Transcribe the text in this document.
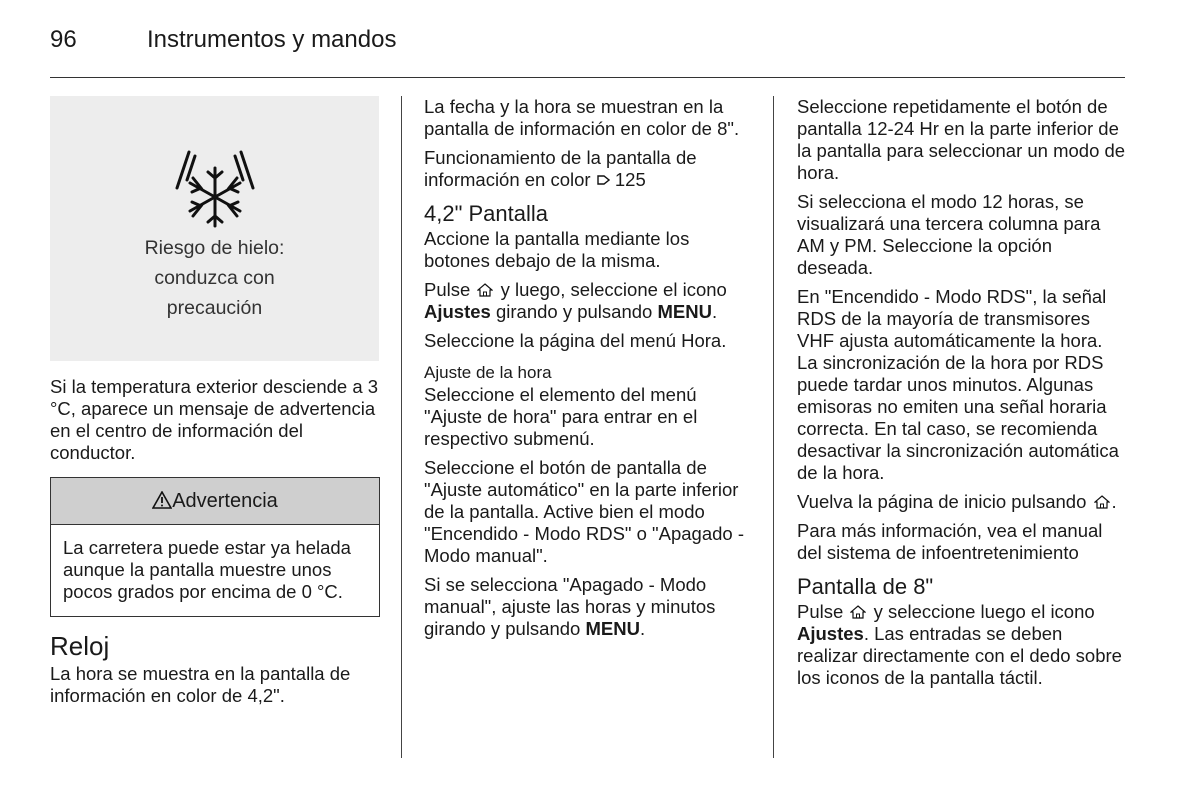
96	Instrumentos y mandos
Riesgo de hielo:
conduzca con
precaución
Si la temperatura exterior desciende a 3 °C, aparece un mensaje de advertencia en el centro de información del conductor.
Advertencia
La carretera puede estar ya helada aunque la pantalla muestre unos pocos grados por encima de 0 °C.
Reloj
La hora se muestra en la pantalla de información en color de 4,2".
La fecha y la hora se muestran en la pantalla de información en color de 8".
Funcionamiento de la pantalla de información en color 125
4,2" Pantalla
Accione la pantalla mediante los botones debajo de la misma.
Pulse y luego, seleccione el icono Ajustes girando y pulsando MENU.
Seleccione la página del menú Hora.
Ajuste de la hora
Seleccione el elemento del menú "Ajuste de hora" para entrar en el respectivo submenú.
Seleccione el botón de pantalla de "Ajuste automático" en la parte inferior de la pantalla. Active bien el modo "Encendido - Modo RDS" o "Apagado - Modo manual".
Si se selecciona "Apagado - Modo manual", ajuste las horas y minutos girando y pulsando MENU.
Seleccione repetidamente el botón de pantalla 12-24 Hr en la parte inferior de la pantalla para seleccionar un modo de hora.
Si selecciona el modo 12 horas, se visualizará una tercera columna para AM y PM. Seleccione la opción deseada.
En "Encendido - Modo RDS", la señal RDS de la mayoría de transmisores VHF ajusta automáticamente la hora. La sincronización de la hora por RDS puede tardar unos minutos. Algunas emisoras no emiten una señal horaria correcta. En tal caso, se recomienda desactivar la sincronización automática de la hora.
Vuelva la página de inicio pulsando .
Para más información, vea el manual del sistema de infoentretenimiento
Pantalla de 8"
Pulse y seleccione luego el icono Ajustes. Las entradas se deben realizar directamente con el dedo sobre los iconos de la pantalla táctil.
